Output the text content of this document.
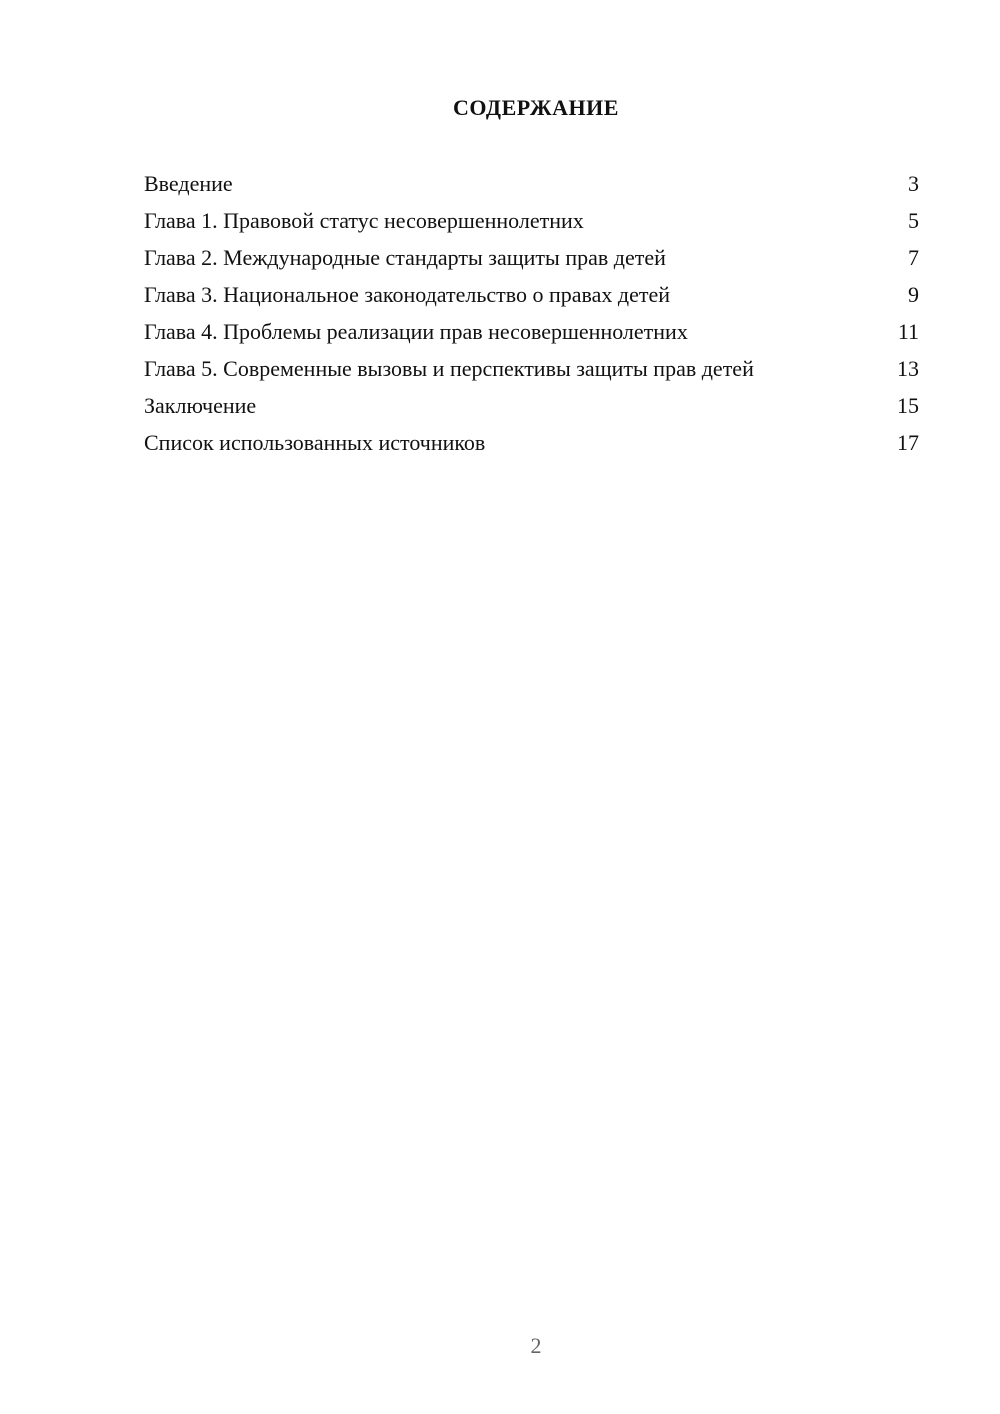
СОДЕРЖАНИЕ
Введение	3
Глава 1. Правовой статус несовершеннолетних	5
Глава 2. Международные стандарты защиты прав детей	7
Глава 3. Национальное законодательство о правах детей	9
Глава 4. Проблемы реализации прав несовершеннолетних	11
Глава 5. Современные вызовы и перспективы защиты прав детей	13
Заключение	15
Список использованных источников	17
2
